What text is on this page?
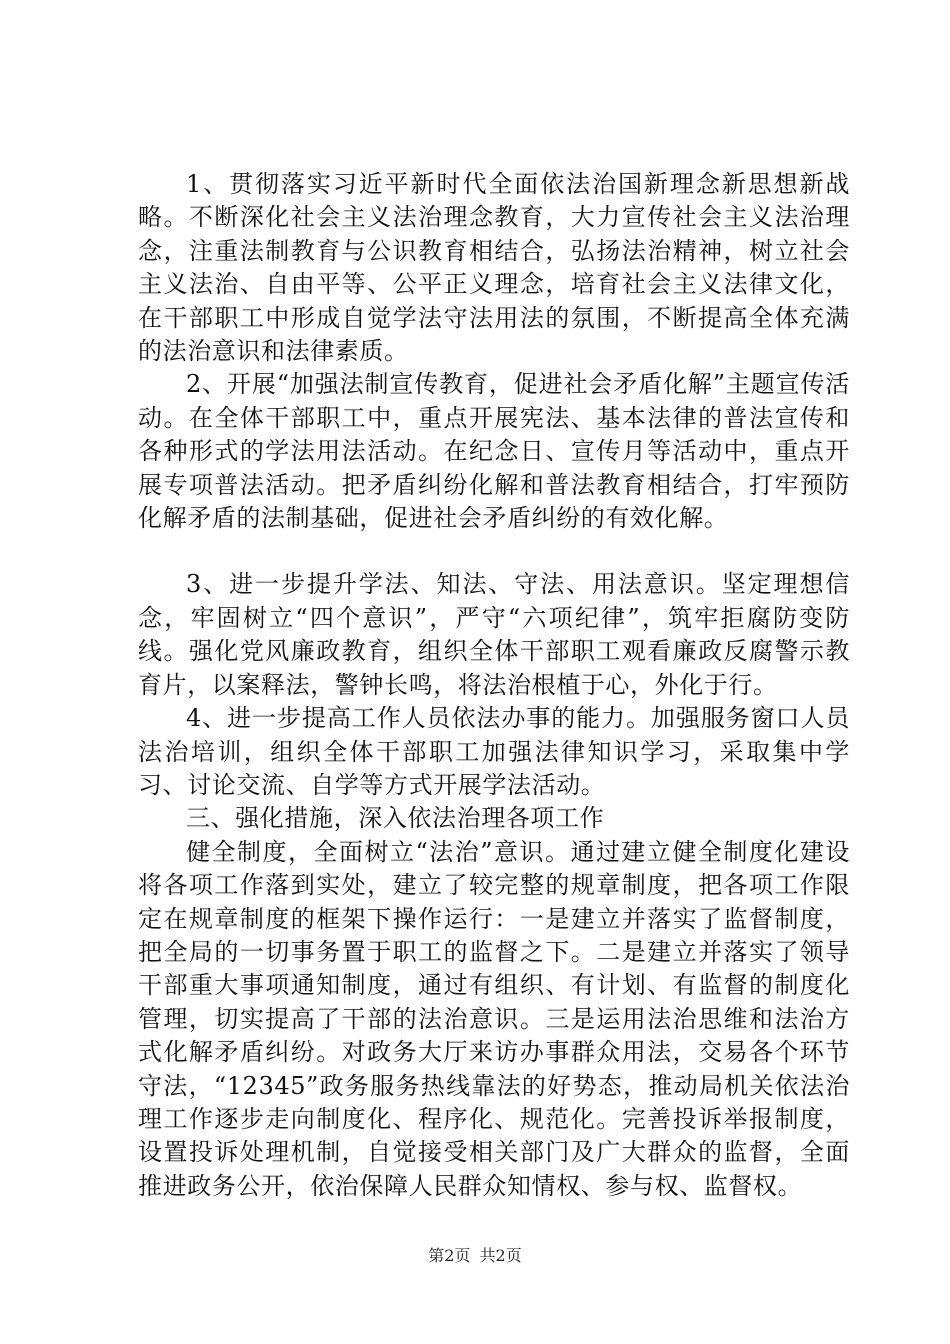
1、贯彻落实习近平新时代全面依法治国新理念新思想新战略。不断深化社会主义法治理念教育，大力宣传社会主义法治理念，注重法制教育与公识教育相结合，弘扬法治精神，树立社会主义法治、自由平等、公平正义理念，培育社会主义法律文化，在干部职工中形成自觉学法守法用法的氛围，不断提高全体充满的法治意识和法律素质。

2、开展“加强法制宣传教育，促进社会矛盾化解”主题宣传活动。在全体干部职工中，重点开展宪法、基本法律的普法宣传和各种形式的学法用法活动。在纪念日、宣传月等活动中，重点开展专项普法活动。把矛盾纠纷化解和普法教育相结合，打牢预防化解矛盾的法制基础，促进社会矛盾纠纷的有效化解。

3、进一步提升学法、知法、守法、用法意识。坚定理想信念，牢固树立“四个意识”，严守“六项纪律”，筑牢拒腐防变防线。强化党风廉政教育，组织全体干部职工观看廉政反腐警示教育片，以案释法，警钟长鸣，将法治根植于心，外化于行。

4、进一步提高工作人员依法办事的能力。加强服务窗口人员法治培训，组织全体干部职工加强法律知识学习，采取集中学习、讨论交流、自学等方式开展学法活动。

三、强化措施，深入依法治理各项工作

健全制度，全面树立“法治”意识。通过建立健全制度化建设将各项工作落到实处，建立了较完整的规章制度，把各项工作限定在规章制度的框架下操作运行：一是建立并落实了监督制度，把全局的一切事务置于职工的监督之下。二是建立并落实了领导干部重大事项通知制度，通过有组织、有计划、有监督的制度化管理，切实提高了干部的法治意识。三是运用法治思维和法治方式化解矛盾纠纷。对政务大厅来访办事群众用法，交易各个环节守法，“12345”政务服务热线靠法的好势态，推动局机关依法治理工作逐步走向制度化、程序化、规范化。完善投诉举报制度，设置投诉处理机制，自觉接受相关部门及广大群众的监督，全面推进政务公开，依治保障人民群众知情权、参与权、监督权。

第2页 共2页
